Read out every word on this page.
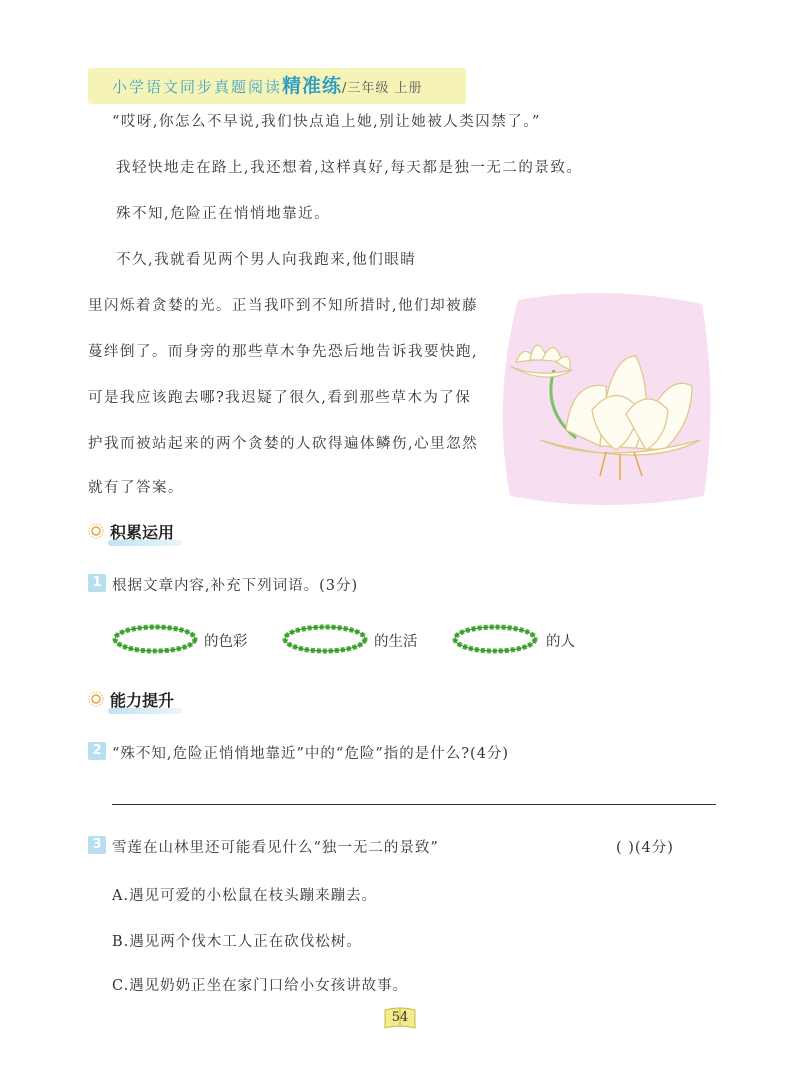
小学语文同步真题阅读精准练/三年级 上册
“哎呀,你怎么不早说,我们快点追上她,别让她被人类囚禁了。”
我轻快地走在路上,我还想着,这样真好,每天都是独一无二的景致。
殊不知,危险正在悄悄地靠近。
不久,我就看见两个男人向我跑来,他们眼睛
里闪烁着贪婪的光。正当我吓到不知所措时,他们却被藤
蔓绊倒了。而身旁的那些草木争先恐后地告诉我要快跑,
可是我应该跑去哪?我迟疑了很久,看到那些草木为了保
护我而被站起来的两个贪婪的人砍得遍体鳞伤,心里忽然
就有了答案。
积累运用
1 根据文章内容,补充下列词语。(3分)
的色彩	的生活	的人
能力提升
2 “殊不知,危险正悄悄地靠近”中的“危险”指的是什么?(4分)
3 雪莲在山林里还可能看见什么“独一无二的景致”	( )(4分)
A.遇见可爱的小松鼠在枝头蹦来蹦去。
B.遇见两个伐木工人正在砍伐松树。
C.遇见奶奶正坐在家门口给小女孩讲故事。
54
